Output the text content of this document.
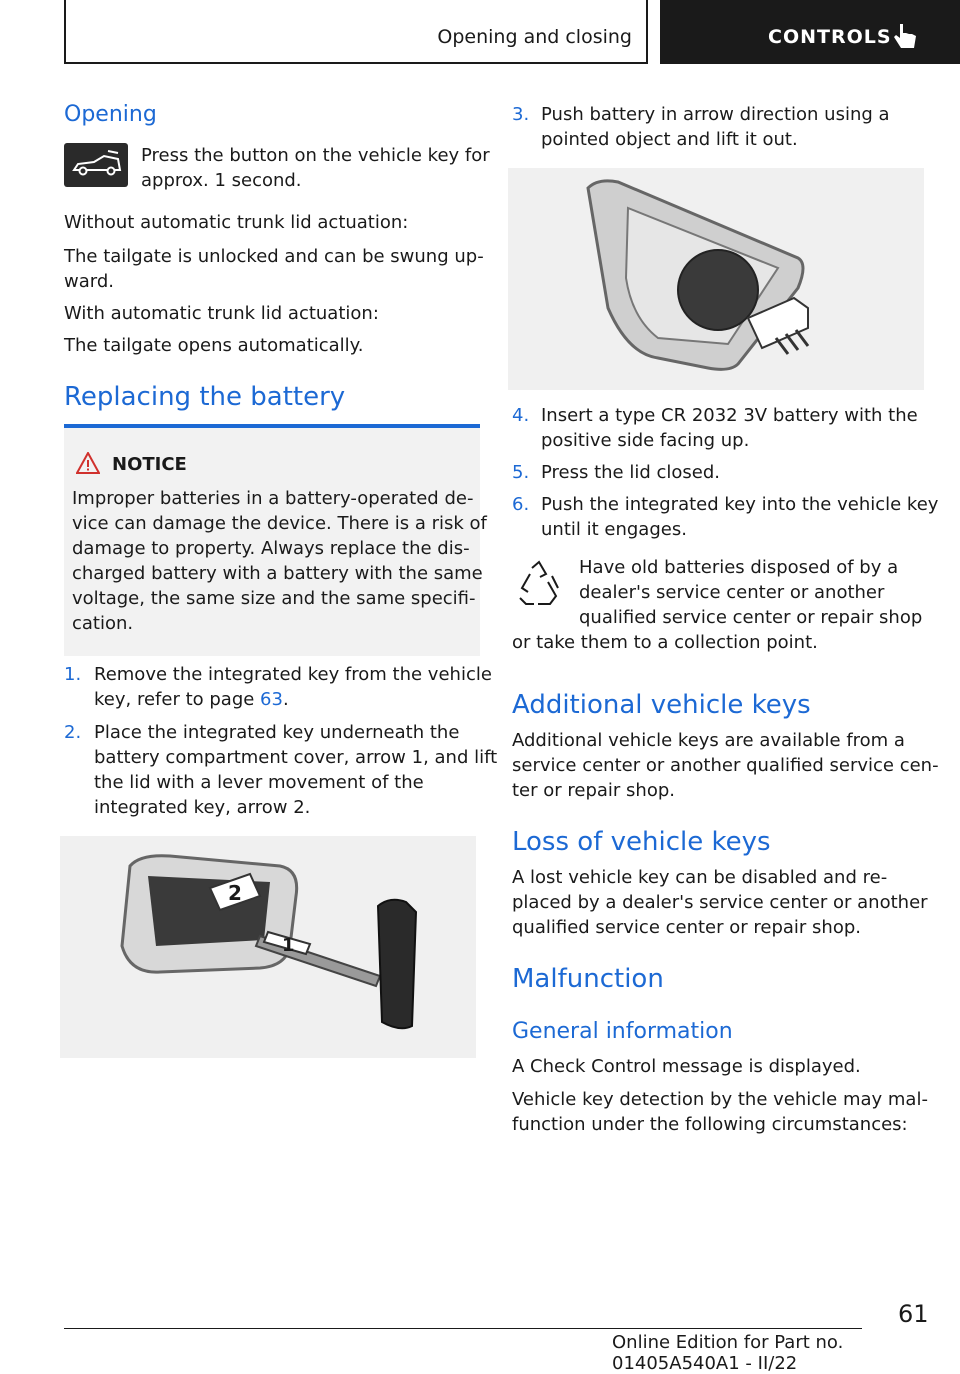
Opening and closing	CONTROLS
Opening
Press the button on the vehicle key for
approx. 1 second.
Without automatic trunk lid actuation:
The tailgate is unlocked and can be swung up-
ward.
With automatic trunk lid actuation:
The tailgate opens automatically.
Replacing the battery
NOTICE
Improper batteries in a battery-operated de-
vice can damage the device. There is a risk of
damage to property. Always replace the dis-
charged battery with a battery with the same
voltage, the same size and the same specifi-
cation.
1. Remove the integrated key from the vehicle
key, refer to page 63.
2. Place the integrated key underneath the
battery compartment cover, arrow 1, and lift
the lid with a lever movement of the
integrated key, arrow 2.
2
1
3. Push battery in arrow direction using a
pointed object and lift it out.
4. Insert a type CR 2032 3V battery with the
positive side facing up.
5. Press the lid closed.
6. Push the integrated key into the vehicle key
until it engages.
Have old batteries disposed of by a
dealer's service center or another
qualified service center or repair shop
or take them to a collection point.
Additional vehicle keys
Additional vehicle keys are available from a
service center or another qualified service cen-
ter or repair shop.
Loss of vehicle keys
A lost vehicle key can be disabled and re-
placed by a dealer's service center or another
qualified service center or repair shop.
Malfunction
General information
A Check Control message is displayed.
Vehicle key detection by the vehicle may mal-
function under the following circumstances:
61
Online Edition for Part no. 01405A540A1 - II/22
